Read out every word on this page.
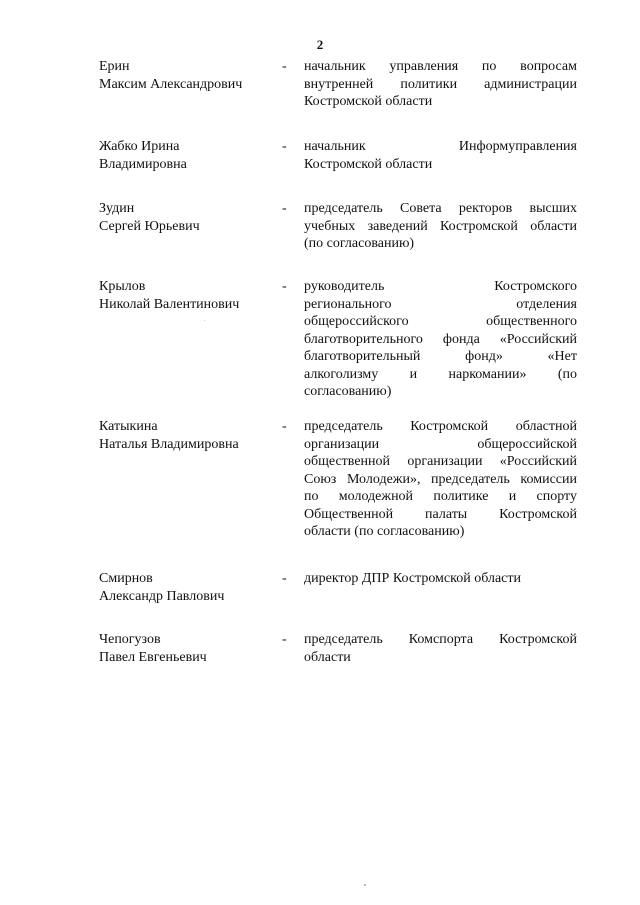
2
Ерин
Максим Александрович
- начальник управления по вопросам
внутренней политики администрации
Костромской области
Жабко Ирина
Владимировна
- начальник Информуправления
Костромской области
Зудин
Сергей Юрьевич
- председатель Совета ректоров высших
учебных заведений Костромской области
(по согласованию)
Крылов
Николай Валентинович
- руководитель Костромского
регионального отделения
общероссийского общественного
благотворительного фонда «Российский
благотворительный фонд» «Нет
алкоголизму и наркомании» (по
согласованию)
Катыкина
Наталья Владимировна
- председатель Костромской областной
организации общероссийской
общественной организации «Российский
Союз Молодежи», председатель комиссии
по молодежной политике и спорту
Общественной палаты Костромской
области (по согласованию)
Смирнов
Александр Павлович
- директор ДПР Костромской области
Чепогузов
Павел Евгеньевич
- председатель Комспорта Костромской
области
